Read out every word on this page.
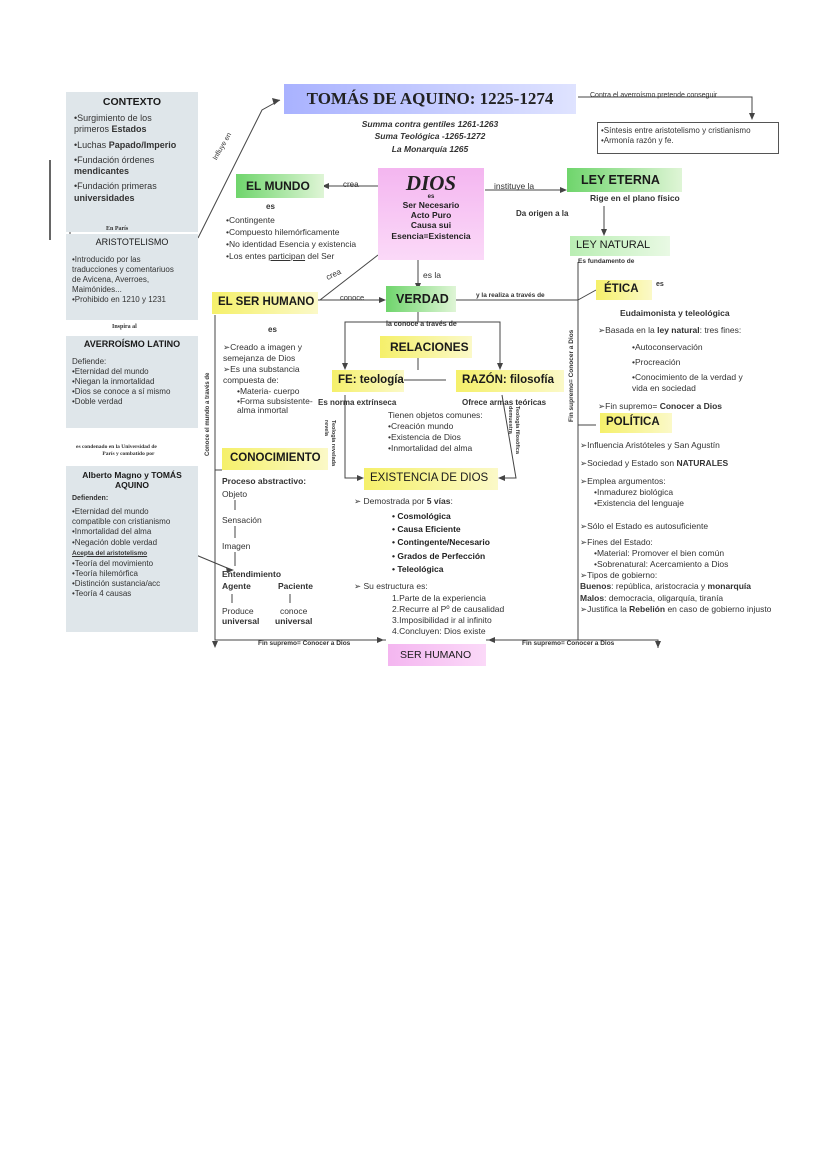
CONTEXTO
•Surgimiento de los
primeros Estados
•Luchas Papado/Imperio
•Fundación órdenes
mendicantes
•Fundación primeras
universidades
En París
ARISTOTELISMO
•Introducido por las
traducciones y comentariuos
de Avicena, Averroes,
Maimónides...
•Prohibido en 1210 y 1231
Inspira al
AVERROÍSMO LATINO
Defiende:
•Eternidad del mundo
•Niegan la inmortalidad
•Dios se conoce a sí mismo
•Doble verdad
es condenado en la Universidad de
París y combatido por
Alberto Magno y TOMÁS
AQUINO
Defienden:
•Eternidad del mundo
compatible con cristianismo
•Inmortalidad del alma
•Negación doble verdad
Acepta del aristotelismo
•Teoría del movimiento
•Teoría hilemórfica
•Distinción sustancia/acc
•Teoría 4 causas
Influye en
TOMÁS DE AQUINO: 1225-1274
Summa contra gentiles 1261-1263
Suma Teológica -1265-1272
La Monarquía 1265
Contra el averroísmo pretende conseguir
•Síntesis entre aristotelismo y cristianismo
•Armonía razón y fe.
DIOS
es
Ser Necesario
Acto Puro
Causa sui
Esencia=Existencia
crea
crea
EL MUNDO
es
•Contingente
•Compuesto hilemórficamente
•No identidad Esencia y existencia
•Los entes participan del Ser
instituye la
Da origen a la
LEY ETERNA
Rige en el plano físico
LEY NATURAL
Es fundamento de
es la
EL SER HUMANO	conoce
es
➢Creado a imagen y
semejanza de Dios
➢Es una substancia
compuesta de:
•Materia- cuerpo
•Forma subsistente-
alma inmortal
Conoce el mundo a través de
VERDAD	y la realiza a través de
la conoce a través de
RELACIONES
FE: teología	RAZÓN: filosofía
Es norma extrínseca	Ofrece armas teóricas
Tienen objetos comunes:
•Creación mundo
•Existencia de Dios
•Inmortalidad del alma
Teología revelada
revela	Teología filosófica
demuestra
ÉTICA	es
Eudaimonista y teleológica
➢Basada en la ley natural: tres fines:
•Autoconservación
•Procreación
•Conocimiento de la verdad y
vida en sociedad
➢Fin supremo= Conocer a Dios
Fin supremo= Conocer a Dios	POLÍTICA
➢Influencia Aristóteles y San Agustín
➢Sociedad y Estado son NATURALES
➢Emplea argumentos:
•Inmadurez biológica
•Existencia del lenguaje
➢Sólo el Estado es autosuficiente
➢Fines del Estado:
•Material: Promover el bien común
•Sobrenatural: Acercamiento a Dios
➢Tipos de gobierno:
Buenos: república, aristocracia y monarquía
Malos: democracia, oligarquía, tiranía
➢Justifica la Rebelión en caso de gobierno injusto
CONOCIMIENTO
Proceso abstractivo:
Objeto
Sensación
Imagen
Entendimiento
Agente	Paciente
Produce
universal
conoce
universal
EXISTENCIA DE DIOS
➢ Demostrada por 5 vías:
• Cosmológica
• Causa Eficiente
• Contingente/Necesario
• Grados de Perfección
• Teleológica
➢ Su estructura es:
1.Parte de la experiencia
2.Recurre al Pº de causalidad
3.Imposibilidad ir al infinito
4.Concluyen: Dios existe
SER HUMANO
Fin supremo= Conocer a Dios	Fin supremo= Conocer a Dios
